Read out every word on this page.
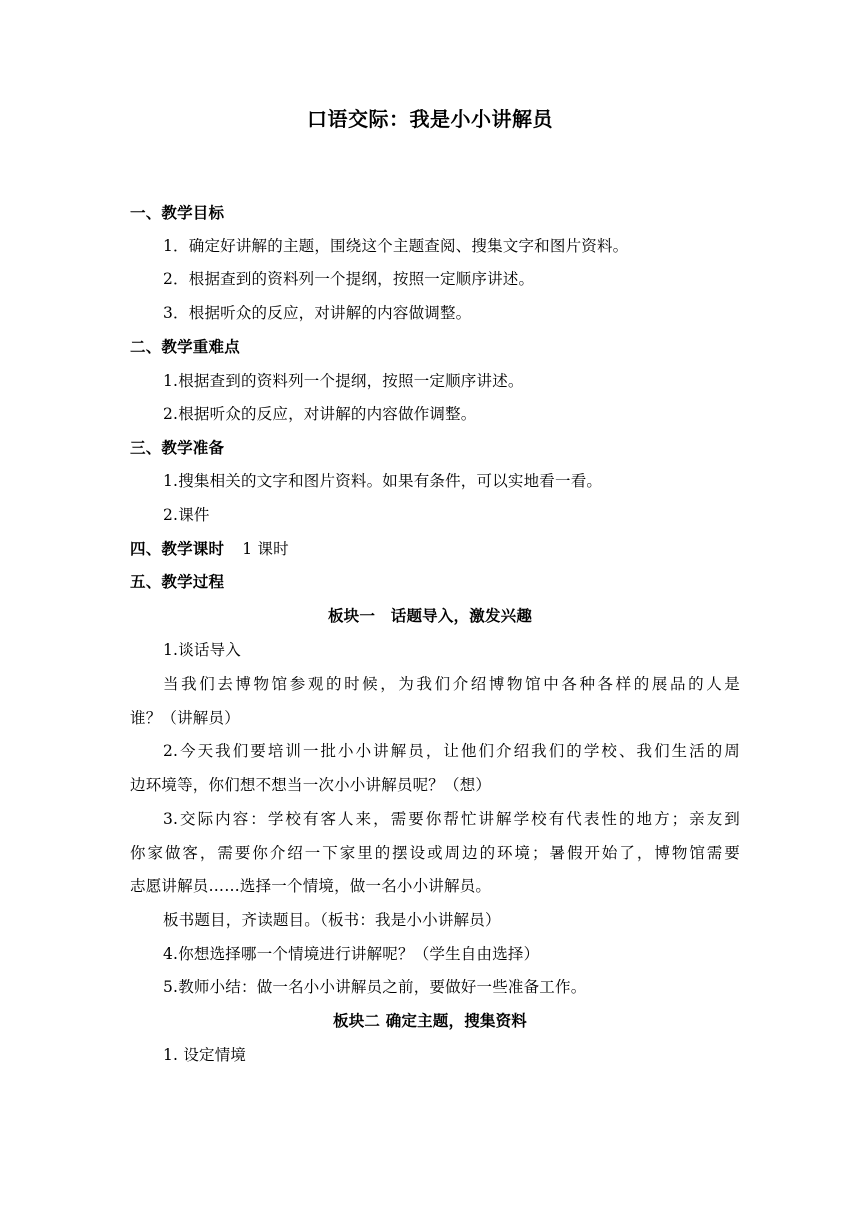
口语交际：我是小小讲解员
一、教学目标
1．确定好讲解的主题，围绕这个主题查阅、搜集文字和图片资料。
2．根据查到的资料列一个提纲，按照一定顺序讲述。
3．根据听众的反应，对讲解的内容做调整。
二、教学重难点
1.根据查到的资料列一个提纲，按照一定顺序讲述。
2.根据听众的反应，对讲解的内容做作调整。
三、教学准备
1.搜集相关的文字和图片资料。如果有条件，可以实地看一看。
2.课件
四、教学课时 1 课时
五、教学过程
板块一　话题导入，激发兴趣
1.谈话导入
当我们去博物馆参观的时候，为我们介绍博物馆中各种各样的展品的人是
谁？（讲解员）
2.今天我们要培训一批小小讲解员，让他们介绍我们的学校、我们生活的周
边环境等，你们想不想当一次小小讲解员呢？（想）
3.交际内容：学校有客人来，需要你帮忙讲解学校有代表性的地方；亲友到
你家做客，需要你介绍一下家里的摆设或周边的环境；暑假开始了，博物馆需要
志愿讲解员……选择一个情境，做一名小小讲解员。
板书题目，齐读题目。（板书：我是小小讲解员）
4.你想选择哪一个情境进行讲解呢？（学生自由选择）
5.教师小结：做一名小小讲解员之前，要做好一些准备工作。
板块二 确定主题，搜集资料
1. 设定情境
